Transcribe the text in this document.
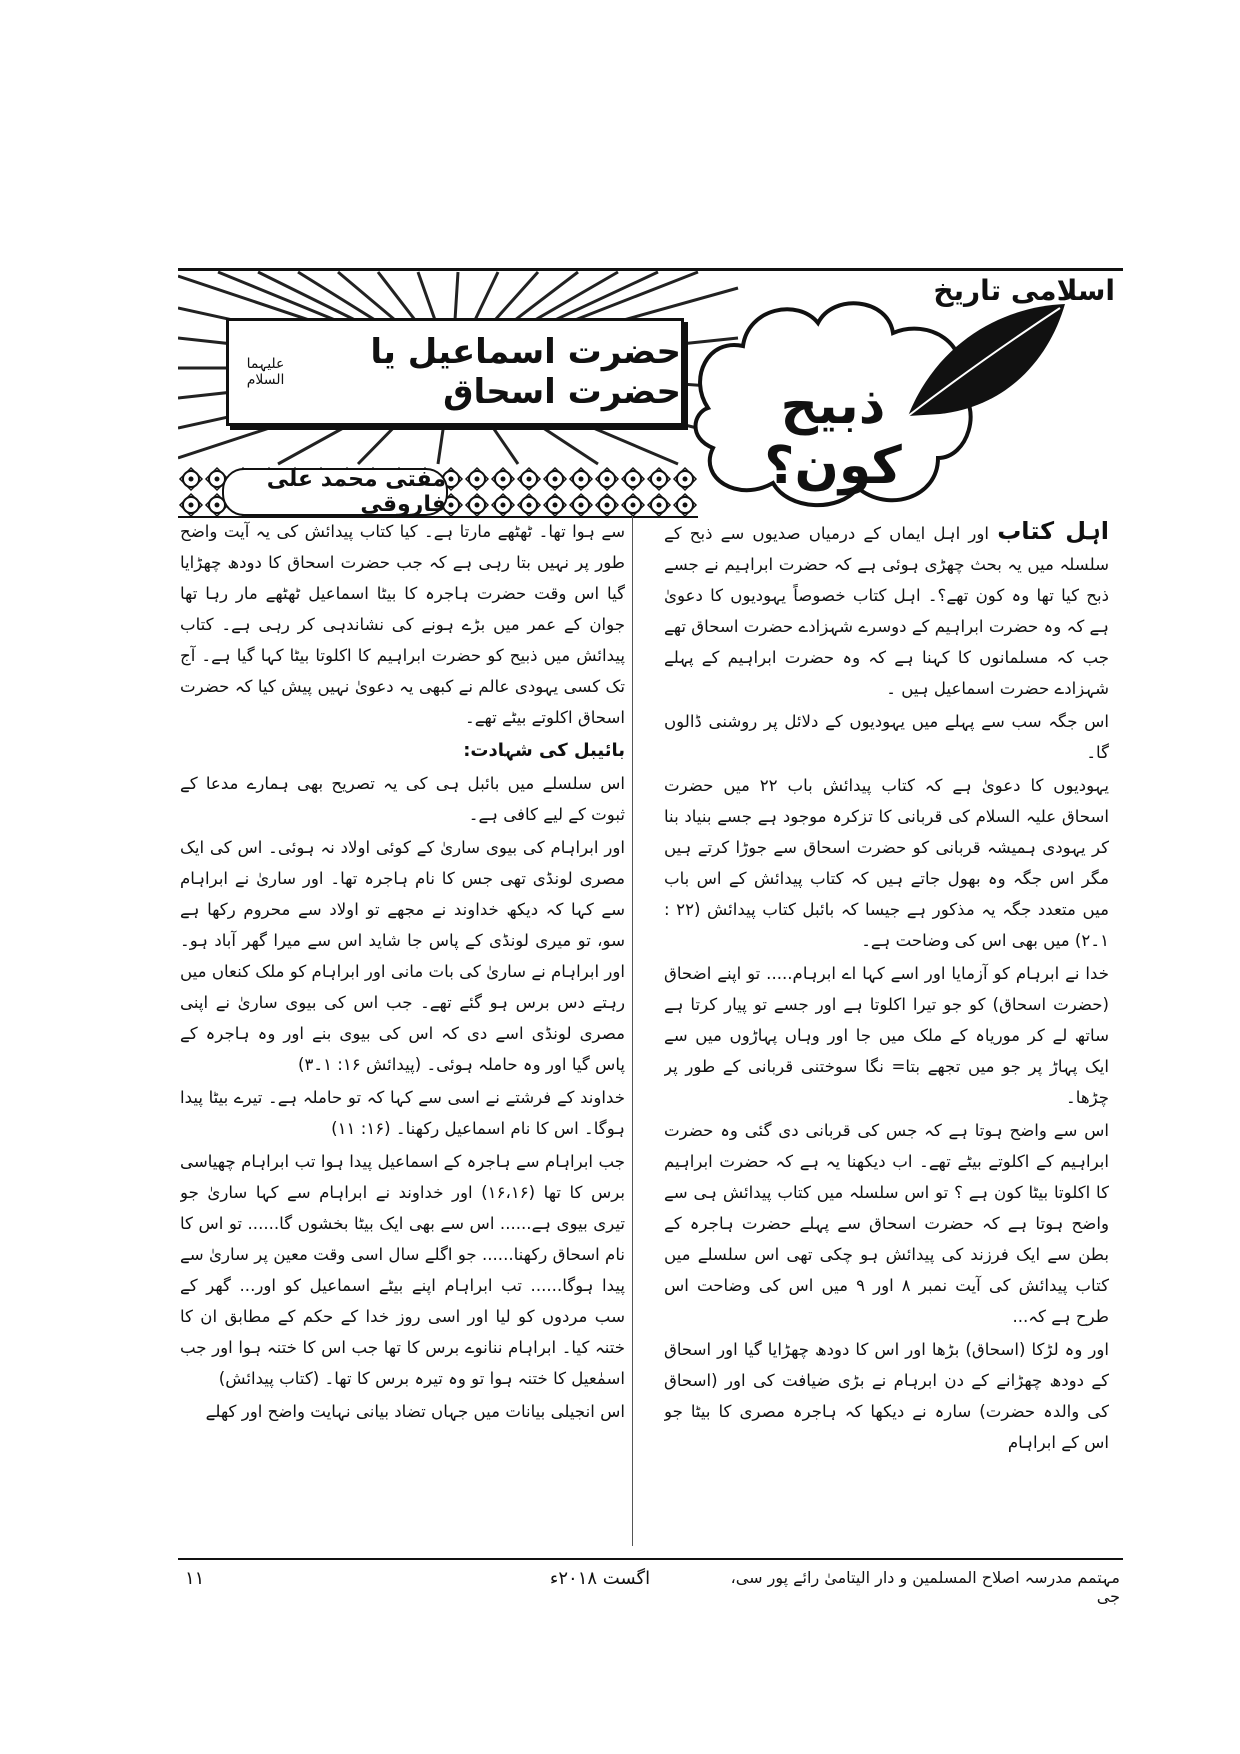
حضرت اسماعیل یا حضرت اسحاق
علیہما السلام
مفتی محمد علی فاروقی
ذبیح کون؟
اسلامی تاریخ

اہل کتاب اور اہل ایماں کے درمیاں صدیوں سے ذبح کے سلسلہ میں یہ بحث چھڑی ہوئی ہے کہ حضرت ابراہیم نے جسے ذبح کیا تھا وہ کون تھے؟۔ اہل کتاب خصوصاً یہودیوں کا دعویٰ ہے کہ وہ حضرت ابراہیم کے دوسرے شہزادے حضرت اسحاق تھے جب کہ مسلمانوں کا کہنا ہے کہ وہ حضرت ابراہیم کے پہلے شہزادے حضرت اسماعیل ہیں ۔

اس جگہ سب سے پہلے میں یہودیوں کے دلائل پر روشنی ڈالوں گا۔

یہودیوں کا دعویٰ ہے کہ کتاب پیدائش باب ۲۲ میں حضرت اسحاق علیہ السلام کی قربانی کا تزکرہ موجود ہے جسے بنیاد بنا کر یہودی ہمیشہ قربانی کو حضرت اسحاق سے جوڑا کرتے ہیں مگر اس جگہ وہ بھول جاتے ہیں کہ کتاب پیدائش کے اس باب میں متعدد جگہ یہ مذکور ہے جیسا کہ بائبل کتاب پیدائش (۲۲ : ۱۔۲) میں بھی اس کی وضاحت ہے۔

خدا نے ابرہام کو آزمایا اور اسے کہا اے ابرہام..... تو اپنے اضحاق (حضرت اسحاق) کو جو تیرا اکلوتا ہے اور جسے تو پیار کرتا ہے ساتھ لے کر موریاہ کے ملک میں جا اور وہاں پہاڑوں میں سے ایک پہاڑ پر جو میں تجھے بتا= نگا سوختنی قربانی کے طور پر چڑھا۔

اس سے واضح ہوتا ہے کہ جس کی قربانی دی گئی وہ حضرت ابراہیم کے اکلوتے بیٹے تھے۔ اب دیکھنا یہ ہے کہ حضرت ابراہیم کا اکلوتا بیٹا کون ہے ؟ تو اس سلسلہ میں کتاب پیدائش ہی سے واضح ہوتا ہے کہ حضرت اسحاق سے پہلے حضرت ہاجرہ کے بطن سے ایک فرزند کی پیدائش ہو چکی تھی اس سلسلے میں کتاب پیدائش کی آیت نمبر ۸ اور ۹ میں اس کی وضاحت اس طرح ہے کہ...

اور وہ لڑکا (اسحاق) بڑھا اور اس کا دودھ چھڑایا گیا اور اسحاق کے دودھ چھڑانے کے دن ابرہام نے بڑی ضیافت کی اور (اسحاق کی والدہ حضرت) سارہ نے دیکھا کہ ہاجرہ مصری کا بیٹا جو اس کے ابراہام

سے ہوا تھا۔ ٹھٹھے مارتا ہے۔ کیا کتاب پیدائش کی یہ آیت واضح طور پر نہیں بتا رہی ہے کہ جب حضرت اسحاق کا دودھ چھڑایا گیا اس وقت حضرت ہاجرہ کا بیٹا اسماعیل ٹھٹھے مار رہا تھا جوان کے عمر میں بڑے ہونے کی نشاندہی کر رہی ہے۔ کتاب پیدائش میں ذبیح کو حضرت ابراہیم کا اکلوتا بیٹا کہا گیا ہے۔ آج تک کسی یہودی عالم نے کبھی یہ دعویٰ نہیں پیش کیا کہ حضرت اسحاق اکلوتے بیٹے تھے۔

بائیبل کی شہادت:

اس سلسلے میں بائبل ہی کی یہ تصریح بھی ہمارے مدعا کے ثبوت کے لیے کافی ہے۔

اور ابراہام کی بیوی ساریٰ کے کوئی اولاد نہ ہوئی۔ اس کی ایک مصری لونڈی تھی جس کا نام ہاجرہ تھا۔ اور ساریٰ نے ابراہام سے کہا کہ دیکھ خداوند نے مجھے تو اولاد سے محروم رکھا ہے سو، تو میری لونڈی کے پاس جا شاید اس سے میرا گھر آباد ہو۔ اور ابراہام نے ساریٰ کی بات مانی اور ابراہام کو ملک کنعاں میں رہتے دس برس ہو گئے تھے۔ جب اس کی بیوی ساریٰ نے اپنی مصری لونڈی اسے دی کہ اس کی بیوی بنے اور وہ ہاجرہ کے پاس گیا اور وہ حاملہ ہوئی۔ (پیدائش ۱۶: ۱۔۳)

خداوند کے فرشتے نے اسی سے کہا کہ تو حاملہ ہے۔ تیرے بیٹا پیدا ہوگا۔ اس کا نام اسماعیل رکھنا۔ (۱۶: ۱۱)

جب ابراہام سے ہاجرہ کے اسماعیل پیدا ہوا تب ابراہام چھیاسی برس کا تھا (۱۶،۱۶) اور خداوند نے ابراہام سے کہا ساریٰ جو تیری بیوی ہے...... اس سے بھی ایک بیٹا بخشوں گا...... تو اس کا نام اسحاق رکھنا...... جو اگلے سال اسی وقت معین پر ساریٰ سے پیدا ہوگا...... تب ابراہام اپنے بیٹے اسماعیل کو اور... گھر کے سب مردوں کو لیا اور اسی روز خدا کے حکم کے مطابق ان کا ختنہ کیا۔ ابراہام ننانوے برس کا تھا جب اس کا ختنہ ہوا اور جب اسمٰعیل کا ختنہ ہوا تو وہ تیرہ برس کا تھا۔ (کتاب پیدائش)

اس انجیلی بیانات میں جہاں تضاد بیانی نہایت واضح اور کھلے

مہتمم مدرسہ اصلاح المسلمین و دار الیتامیٰ رائے پور سی، جی
اگست ۲۰۱۸ء
۱۱
